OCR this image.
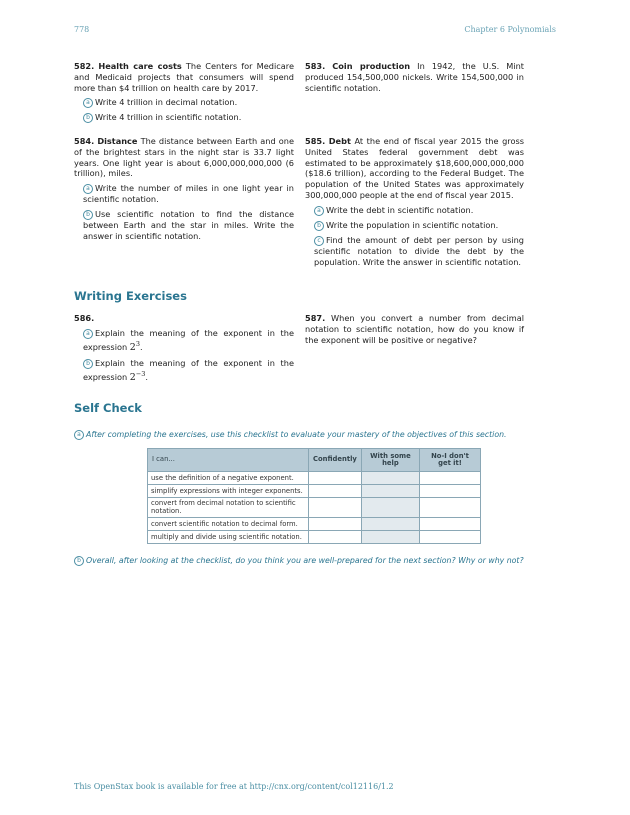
778	Chapter 6 Polynomials
582. Health care costs The Centers for Medicare and Medicaid projects that consumers will spend more than $4 trillion on health care by 2017.
a Write 4 trillion in decimal notation.
b Write 4 trillion in scientific notation.
583. Coin production In 1942, the U.S. Mint produced 154,500,000 nickels. Write 154,500,000 in scientific notation.
584. Distance The distance between Earth and one of the brightest stars in the night star is 33.7 light years. One light year is about 6,000,000,000,000 (6 trillion), miles.
a Write the number of miles in one light year in scientific notation.
b Use scientific notation to find the distance between Earth and the star in miles. Write the answer in scientific notation.
585. Debt At the end of fiscal year 2015 the gross United States federal government debt was estimated to be approximately $18,600,000,000,000 ($18.6 trillion), according to the Federal Budget. The population of the United States was approximately 300,000,000 people at the end of fiscal year 2015.
a Write the debt in scientific notation.
b Write the population in scientific notation.
c Find the amount of debt per person by using scientific notation to divide the debt by the population. Write the answer in scientific notation.
Writing Exercises
586.
a Explain the meaning of the exponent in the expression $2^3$.
b Explain the meaning of the exponent in the expression $2^{-3}$.
587. When you convert a number from decimal notation to scientific notation, how do you know if the exponent will be positive or negative?
Self Check
a After completing the exercises, use this checklist to evaluate your mastery of the objectives of this section.
I can...	Confidently	With some help	No-I don't get it!
use the definition of a negative exponent.			
simplify expressions with integer exponents.			
convert from decimal notation to scientific notation.			
convert scientific notation to decimal form.			
multiply and divide using scientific notation.			
b Overall, after looking at the checklist, do you think you are well-prepared for the next section? Why or why not?
This OpenStax book is available for free at http://cnx.org/content/col12116/1.2
